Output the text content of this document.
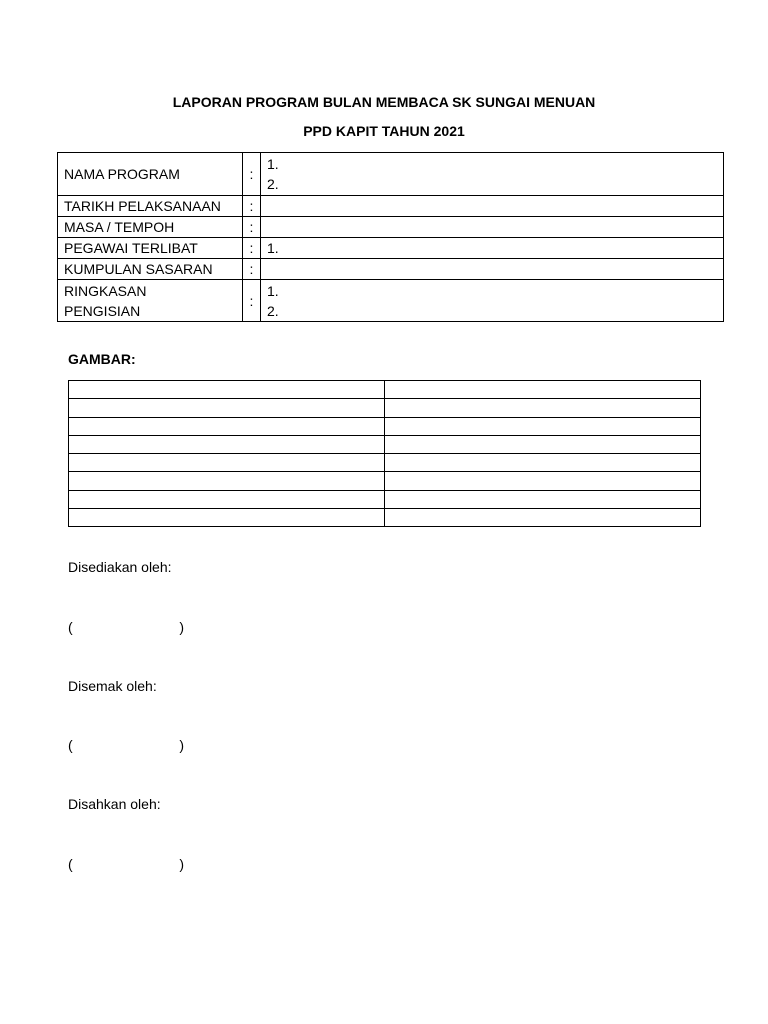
LAPORAN PROGRAM BULAN MEMBACA SK SUNGAI MENUAN
PPD KAPIT TAHUN 2021
NAMA PROGRAM	:	1.
2.

TARIKH PELAKSANAAN	:	
MASA / TEMPOH	:	
PEGAWAI TERLIBAT	:	1.

KUMPULAN SASARAN	:	

RINGKASAN
PENGISIAN	:	1.
2.
GAMBAR:

Disediakan oleh:
(	)
Disemak oleh:
(	)
Disahkan oleh:
(	)
